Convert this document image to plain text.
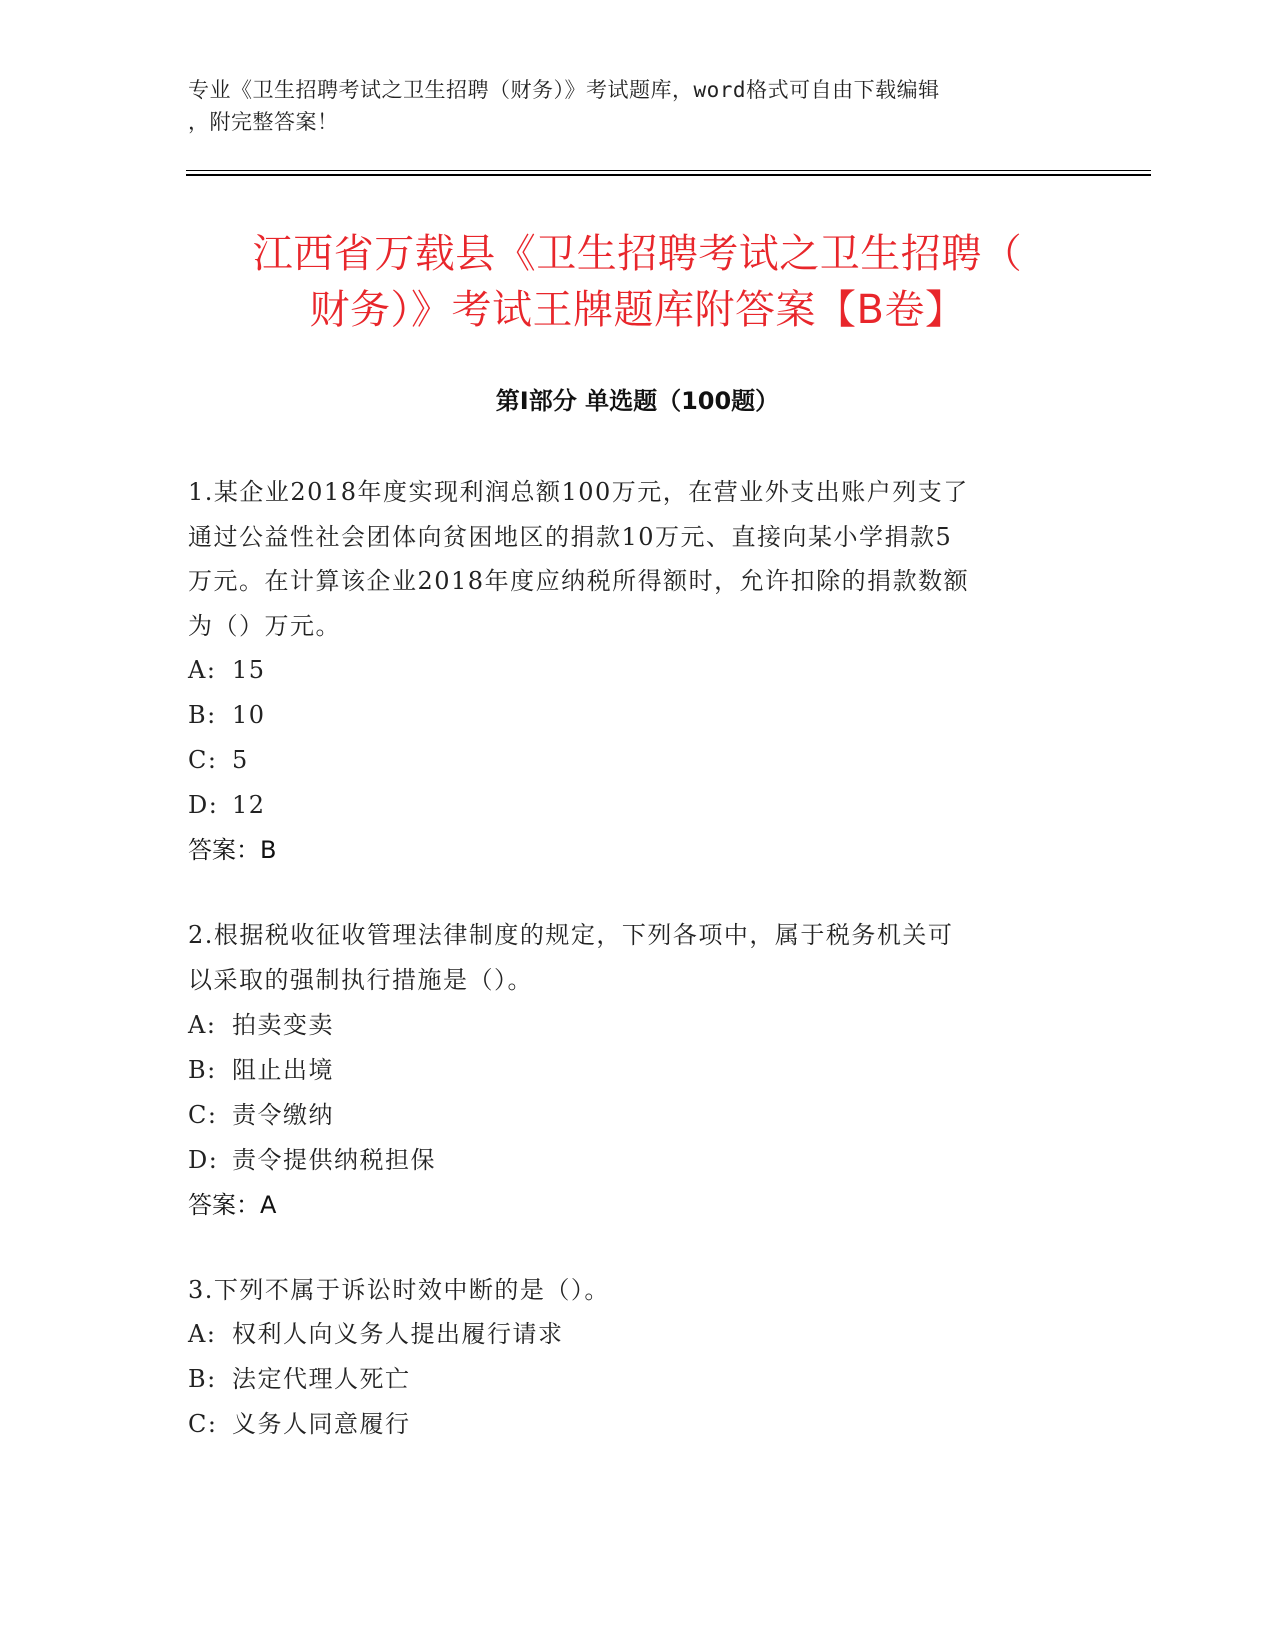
专业《卫生招聘考试之卫生招聘（财务）》考试题库，word格式可自由下载编辑
，附完整答案！
江西省万载县《卫生招聘考试之卫生招聘（
财务）》考试王牌题库附答案【B卷】
第Ⅰ部分 单选题（100题）

1.某企业2018年度实现利润总额100万元，在营业外支出账户列支了

通过公益性社会团体向贫困地区的捐款10万元、直接向某小学捐款5

万元。在计算该企业2018年度应纳税所得额时，允许扣除的捐款数额

为（）万元。

A: 15

B: 10

C: 5

D: 12

答案：B

2.根据税收征收管理法律制度的规定，下列各项中，属于税务机关可

以采取的强制执行措施是（）。

A: 拍卖变卖

B: 阻止出境

C: 责令缴纳

D: 责令提供纳税担保

答案：A

3.下列不属于诉讼时效中断的是（）。

A: 权利人向义务人提出履行请求

B: 法定代理人死亡

C: 义务人同意履行
